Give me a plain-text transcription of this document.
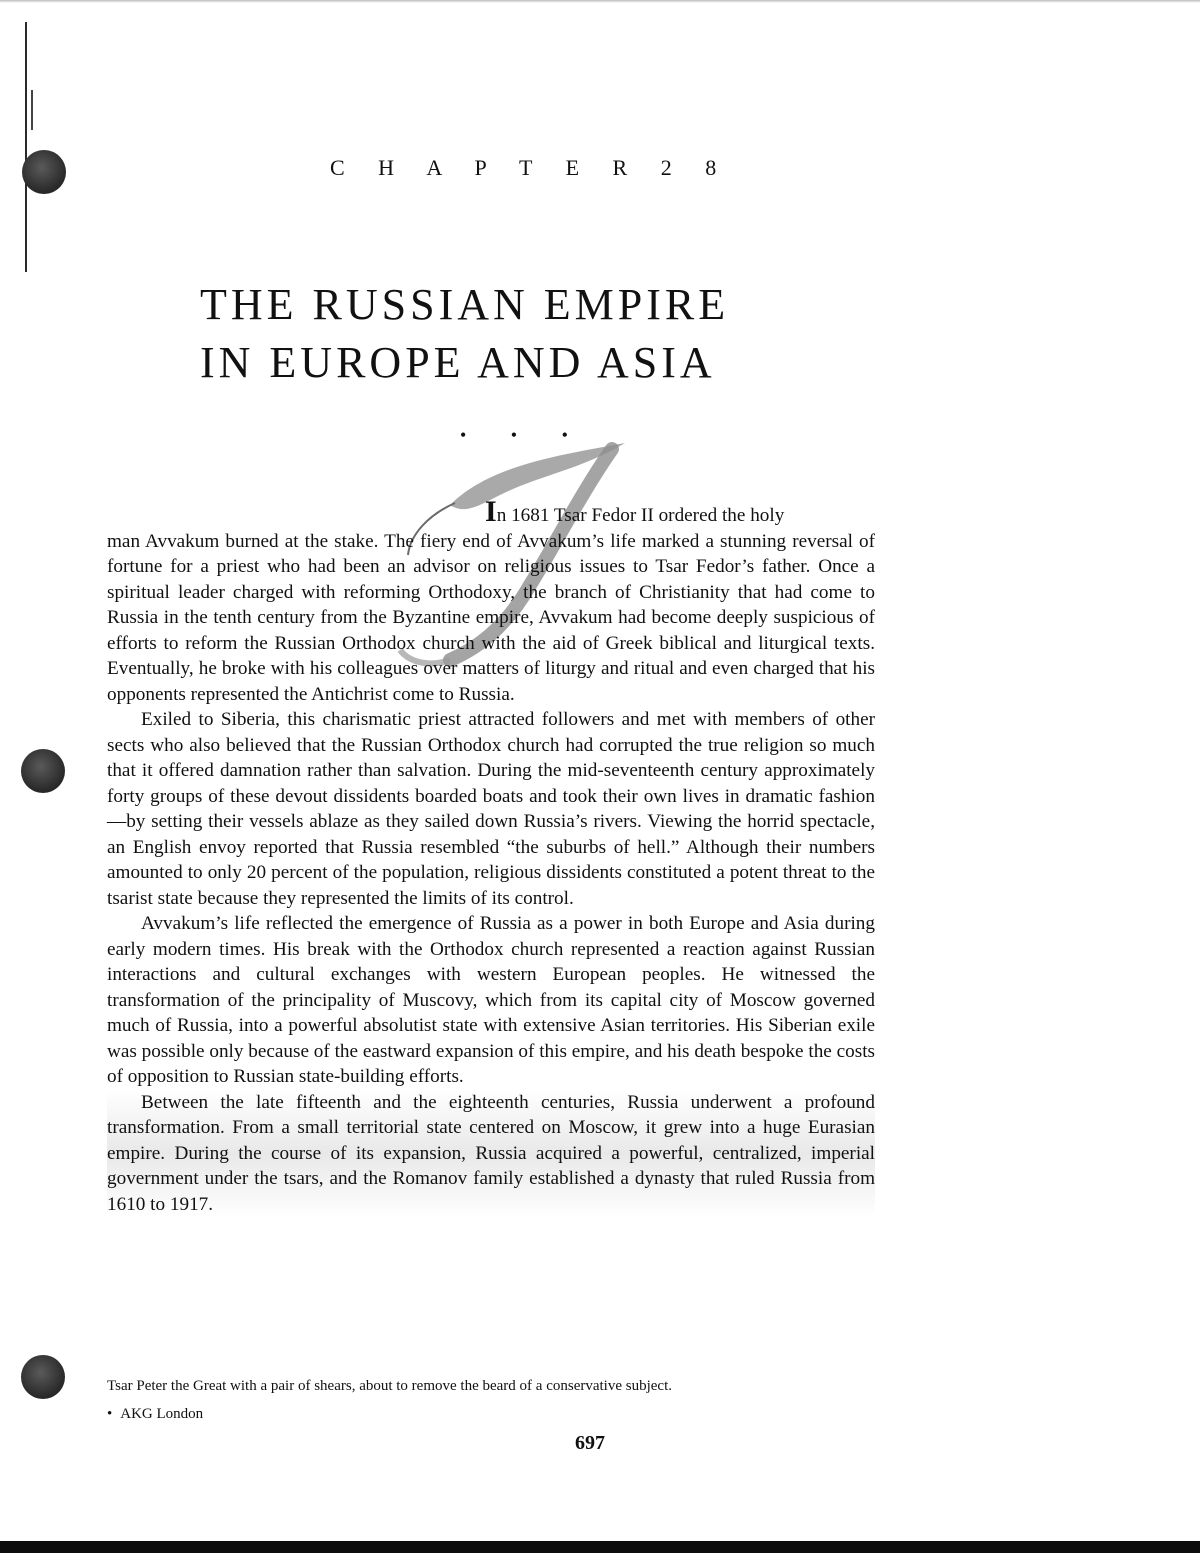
C H A P T E R 2 8
THE RUSSIAN EMPIRE
IN EUROPE AND ASIA
• • •

In 1681 Tsar Fedor II ordered the holy
man Avvakum burned at the stake. The fiery end of Avvakum’s life marked a stunning reversal of fortune for a priest who had been an advisor on religious issues to Tsar Fedor’s father. Once a spiritual leader charged with reforming Orthodoxy, the branch of Christianity that had come to Russia in the tenth century from the Byzantine empire, Avvakum had become deeply suspicious of efforts to reform the Russian Orthodox church with the aid of Greek biblical and liturgical texts. Eventually, he broke with his colleagues over matters of liturgy and ritual and even charged that his opponents represented the Antichrist come to Russia.

Exiled to Siberia, this charismatic priest attracted followers and met with members of other sects who also believed that the Russian Orthodox church had corrupted the true religion so much that it offered damnation rather than salvation. During the mid-seventeenth century approximately forty groups of these devout dissidents boarded boats and took their own lives in dramatic fashion—by setting their vessels ablaze as they sailed down Russia’s rivers. Viewing the horrid spectacle, an English envoy reported that Russia resembled “the suburbs of hell.” Although their numbers amounted to only 20 percent of the population, religious dissidents constituted a potent threat to the tsarist state because they represented the limits of its control.

Avvakum’s life reflected the emergence of Russia as a power in both Europe and Asia during early modern times. His break with the Orthodox church represented a reaction against Russian interactions and cultural exchanges with western European peoples. He witnessed the transformation of the principality of Muscovy, which from its capital city of Moscow governed much of Russia, into a powerful absolutist state with extensive Asian territories. His Siberian exile was possible only because of the eastward expansion of this empire, and his death bespoke the costs of opposition to Russian state-building efforts.

Between the late fifteenth and the eighteenth centuries, Russia underwent a profound transformation. From a small territorial state centered on Moscow, it grew into a huge Eurasian empire. During the course of its expansion, Russia acquired a powerful, centralized, imperial government under the tsars, and the Romanov family established a dynasty that ruled Russia from 1610 to 1917.

Tsar Peter the Great with a pair of shears, about to remove the beard of a conservative subject.
• AKG London
697
